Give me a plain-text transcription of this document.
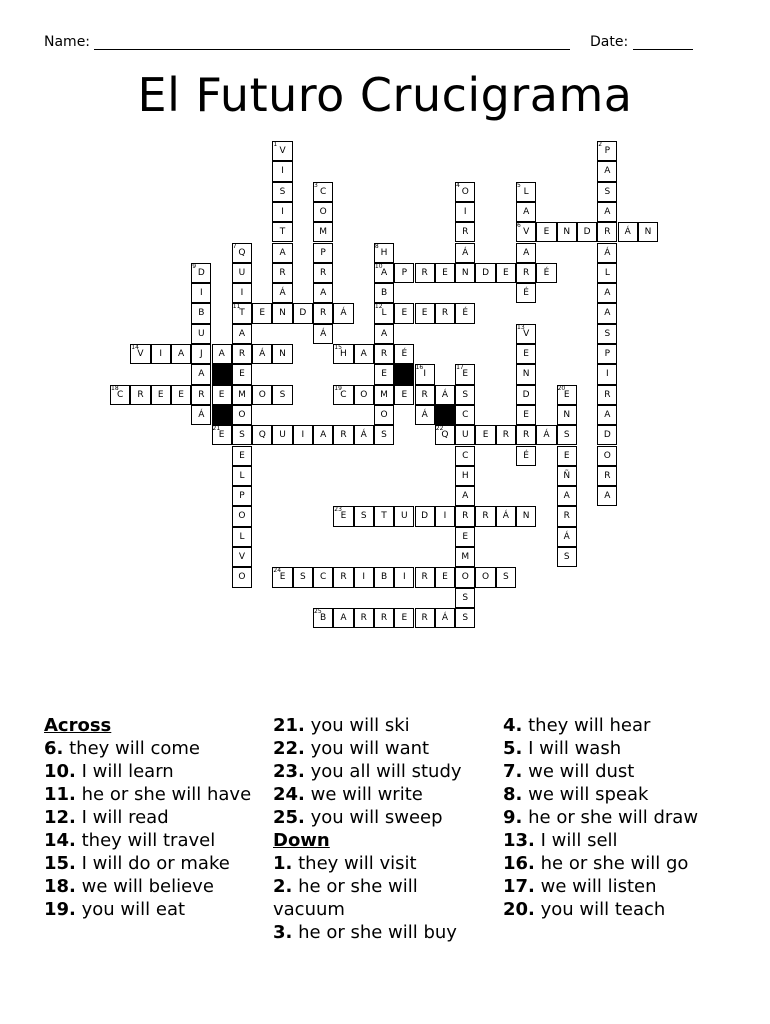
Name:	Date:
El Futuro Crucigrama
1
V
I
S
I
T
A
R
Á
N
2
P
A
S
A
R
Á
L
A
A
S
P
I
R
A
D
O
R
A
3
C
O
M
P
R
A
R
Á
4
O
I
R
Á
N
5
L
A
6
V
A
R
É
E	N	D	Á	N
7
Q
U
I
11
T
A
R
E
M
O
S
E
L
P
O
L
V
O
8
H
10
A
B
12
L
A
R
E
M
O
S
9
D
I
B
U
J
A
R
Á
P	R	E	D	E	É
E	D	Á	E	E	R	É
13
V
E
N
D
E
R
É
14
V	I	A	A	Á	N
15
H	A	É
16
I
R
Á
17
E
S
C
U
C
H
A
R
E
M
O
S
18
C	R	E	E	E	O	S
19
C	O	E	Á
20
E
N
S
E
Ñ
A
R
Á
S
21
E	Q	U	I	A	R	Á
22
Q	E	R	Á
23
E	S	T	U	D	I	R	Á	N
24
E	S	C	R	I	B	I	R	E	O	S
25
B	A	R	R	E	R	Á	S
Across
6. they will come
10. I will learn
11. he or she will have
12. I will read
14. they will travel
15. I will do or make
18. we will believe
19. you will eat
21. you will ski
22. you will want
23. you all will study
24. we will write
25. you will sweep
Down
1. they will visit
2. he or she will vacuum
3. he or she will buy
4. they will hear
5. I will wash
7. we will dust
8. we will speak
9. he or she will draw
13. I will sell
16. he or she will go
17. we will listen
20. you will teach
